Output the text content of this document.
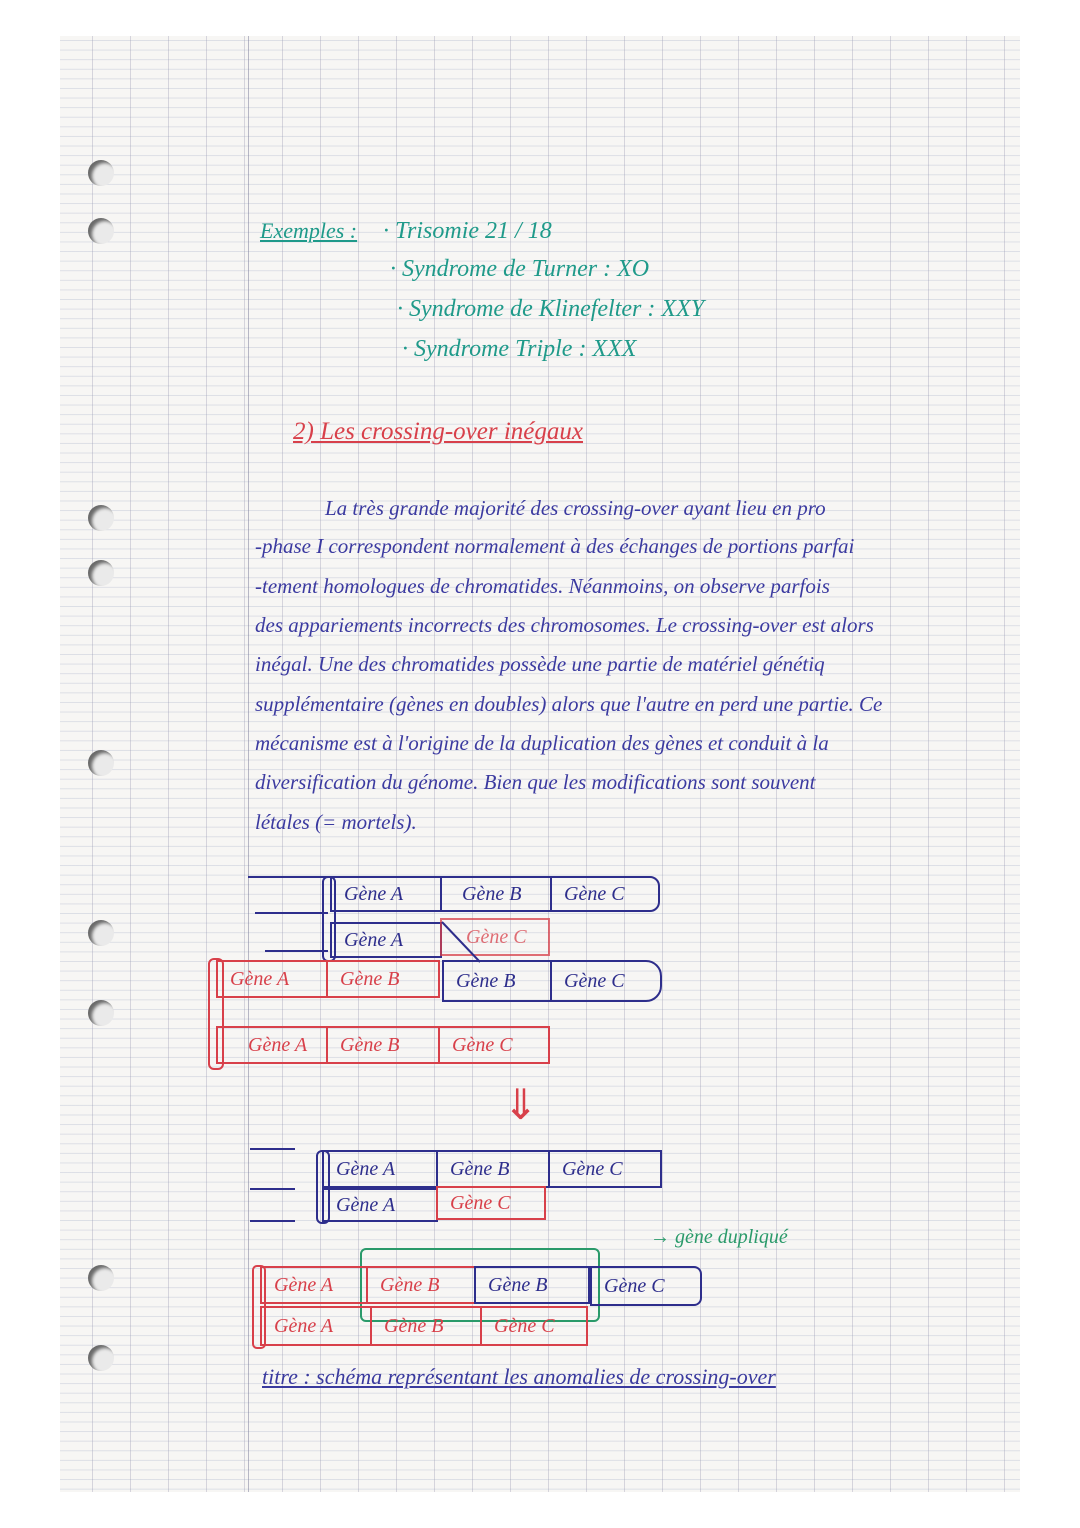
Exemples : · Trisomie 21 / 18
· Syndrome de Turner : XO
· Syndrome de Klinefelter : XXY
· Syndrome Triple : XXX
2) Les crossing-over inégaux
La très grande majorité des crossing-over ayant lieu en pro
-phase I correspondent normalement à des échanges de portions parfai
-tement homologues de chromatides. Néanmoins, on observe parfois
des appariements incorrects des chromosomes. Le crossing-over est alors
inégal. Une des chromatides possède une partie de matériel génétiq
supplémentaire (gènes en doubles) alors que l'autre en perd une partie. Ce
mécanisme est à l'origine de la duplication des gènes et conduit à la
diversification du génome. Bien que les modifications sont souvent
létales (= mortels).
Gène A	Gène B	Gène C
Gène A	Gène C
Gène A	Gène B	Gène B	Gène C
Gène A	Gène B	Gène C
⇓
Gène A	Gène B	Gène C
Gène A	Gène C
→ gène dupliqué
Gène A	Gène B	Gène B	Gène C
Gène A	Gène B	Gène C
titre : schéma représentant les anomalies de crossing-over
